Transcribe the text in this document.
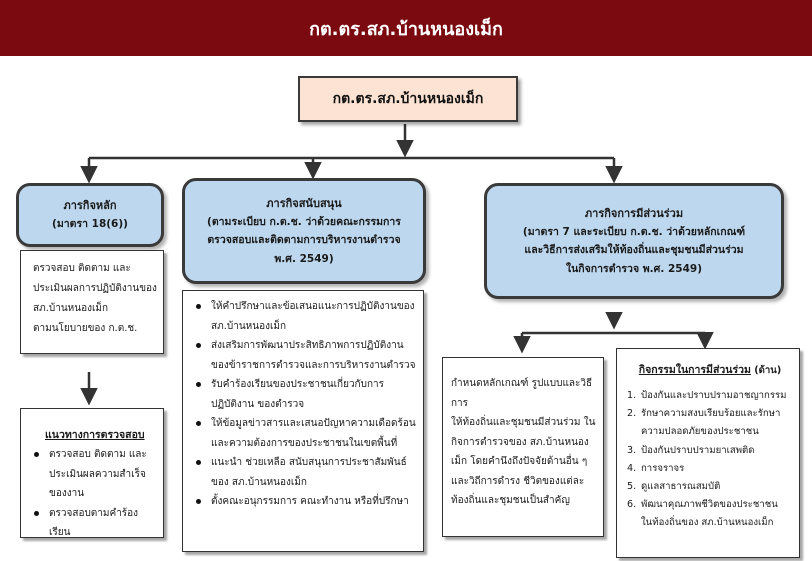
กต.ตร.สภ.บ้านหนองเม็ก
กต.ตร.สภ.บ้านหนองเม็ก
ภารกิจหลัก
(มาตรา 18(6))
ตรวจสอบ ติดตาม และ
ประเมินผลการปฏิบัติงานของ
สภ.บ้านหนองเม็ก
ตามนโยบายของ ก.ต.ช.
แนวทางการตรวจสอบ
ตรวจสอบ ติดตาม และ
ประเมินผลความสำเร็จ
ของงาน
ตรวจสอบตามคำร้องเรียน
ภารกิจสนับสนุน
(ตามระเบียบ ก.ต.ช. ว่าด้วยคณะกรรมการ
ตรวจสอบและติดตามการบริหารงานตำรวจ
พ.ศ. 2549)
ให้คำปรึกษาและข้อเสนอแนะการปฏิบัติงานของ
สภ.บ้านหนองเม็ก
ส่งเสริมการพัฒนาประสิทธิภาพการปฏิบัติงาน
ของข้าราชการตำรวจและการบริหารงานตำรวจ
รับคำร้องเรียนของประชาชนเกี่ยวกับการ
ปฏิบัติงาน ของตำรวจ
ให้ข้อมูลข่าวสารและเสนอปัญหาความเดือดร้อน
และความต้องการของประชาชนในเขตพื้นที่
แนะนำ ช่วยเหลือ สนับสนุนการประชาสัมพันธ์
ของ สภ.บ้านหนองเม็ก
ตั้งคณะอนุกรรมการ คณะทำงาน หรือที่ปรึกษา
ภารกิจการมีส่วนร่วม
(มาตรา 7 และระเบียบ ก.ต.ช. ว่าด้วยหลักเกณฑ์
และวิธีการส่งเสริมให้ท้องถิ่นและชุมชนมีส่วนร่วม
ในกิจการตำรวจ พ.ศ. 2549)
กำหนดหลักเกณฑ์ รูปแบบและวิธีการ
ให้ท้องถิ่นและชุมชนมีส่วนร่วม ใน
กิจการตำรวจของ สภ.บ้านหนอง
เม็ก โดยคำนึงถึงปัจจัยด้านอื่น ๆ
และวิถีการดำรง ชีวิตของแต่ละ
ท้องถิ่นและชุมชนเป็นสำคัญ
กิจกรรมในการมีส่วนร่วม (ด้าน)
1. ป้องกันและปราบปรามอาชญากรรม
2. รักษาความสงบเรียบร้อยและรักษา
ความปลอดภัยของประชาชน
3. ป้องกันปราบปรามยาเสพติด
4. การจราจร
5. ดูแลสาธารณสมบัติ
6. พัฒนาคุณภาพชีวิตของประชาชน
ในท้องถิ่นของ สภ.บ้านหนองเม็ก
